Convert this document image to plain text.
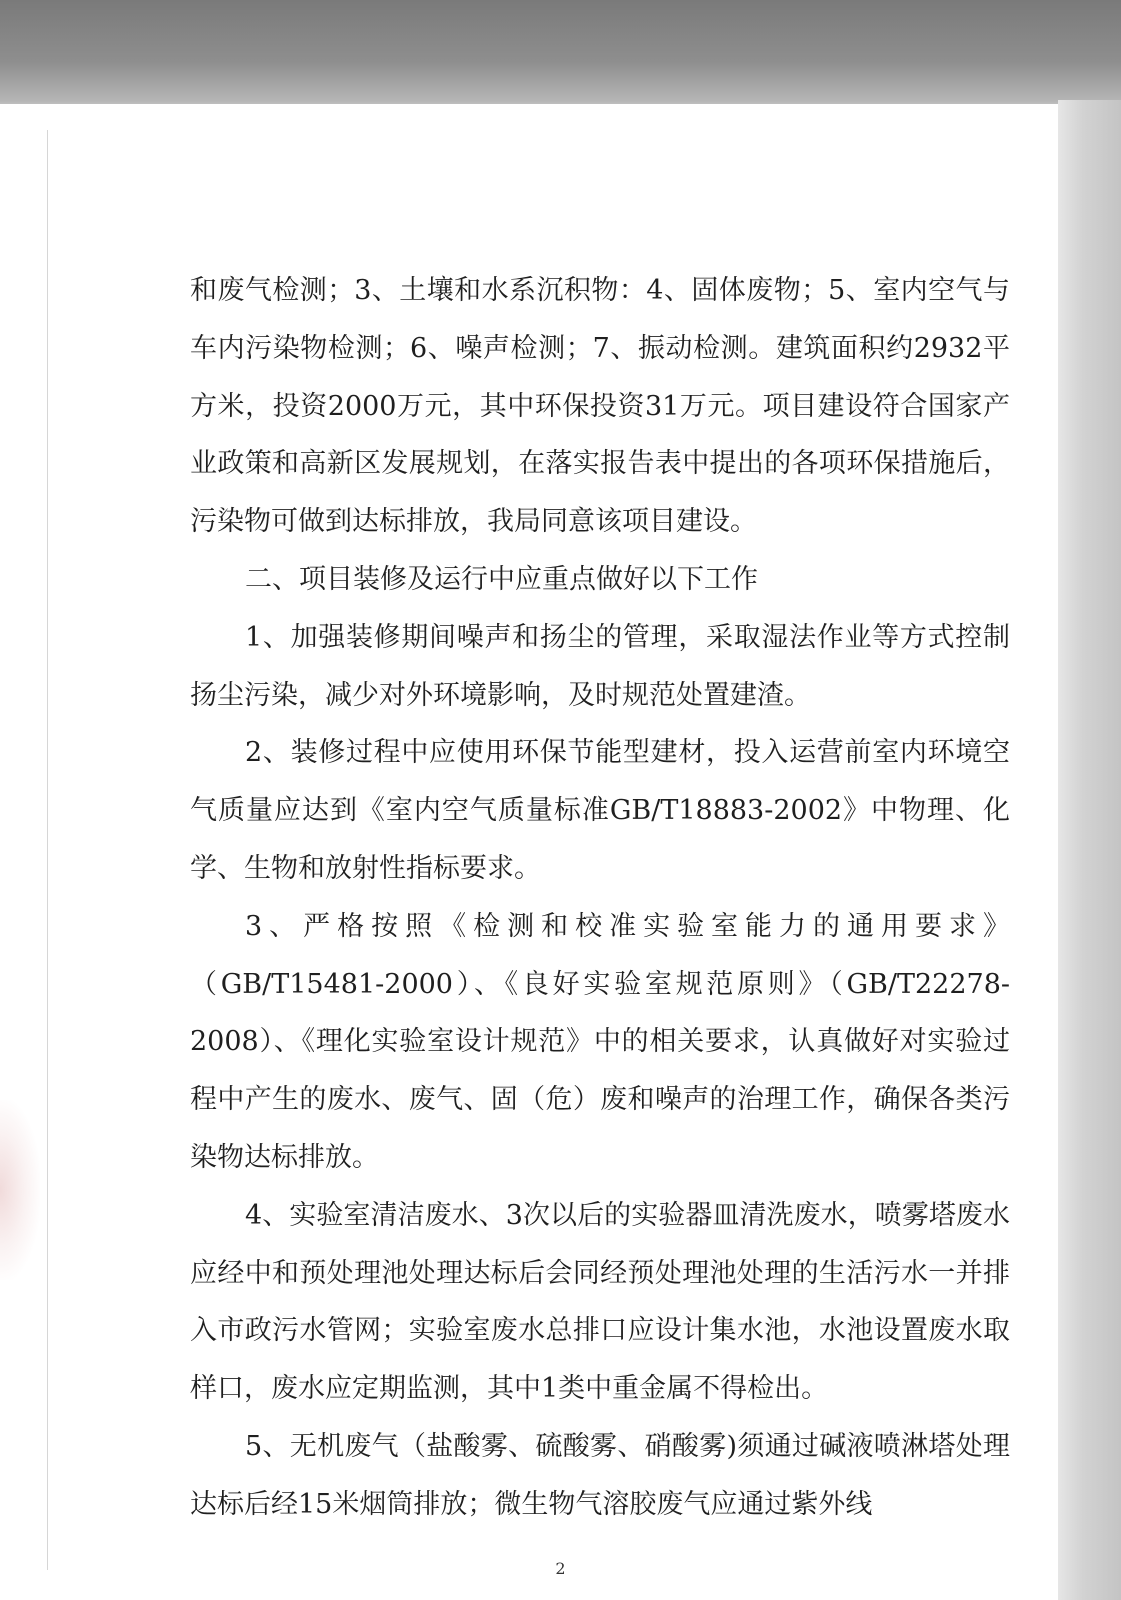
和废气检测；3、土壤和水系沉积物：4、固体废物；5、室内空气与车内污染物检测；6、噪声检测；7、振动检测。建筑面积约2932平方米，投资2000万元，其中环保投资31万元。项目建设符合国家产业政策和高新区发展规划，在落实报告表中提出的各项环保措施后，污染物可做到达标排放，我局同意该项目建设。

二、项目装修及运行中应重点做好以下工作

1、加强装修期间噪声和扬尘的管理，采取湿法作业等方式控制扬尘污染，减少对外环境影响，及时规范处置建渣。

2、装修过程中应使用环保节能型建材，投入运营前室内环境空气质量应达到《室内空气质量标准GB/T18883-2002》中物理、化学、生物和放射性指标要求。

3、严格按照《检测和校准实验室能力的通用要求》（GB/T15481-2000）、《良好实验室规范原则》（GB/T22278-2008）、《理化实验室设计规范》中的相关要求，认真做好对实验过程中产生的废水、废气、固（危）废和噪声的治理工作，确保各类污染物达标排放。

4、实验室清洁废水、3次以后的实验器皿清洗废水，喷雾塔废水应经中和预处理池处理达标后会同经预处理池处理的生活污水一并排入市政污水管网；实验室废水总排口应设计集水池，水池设置废水取样口，废水应定期监测，其中1类中重金属不得检出。

5、无机废气（盐酸雾、硫酸雾、硝酸雾)须通过碱液喷淋塔处理达标后经15米烟筒排放；微生物气溶胶废气应通过紫外线

2
